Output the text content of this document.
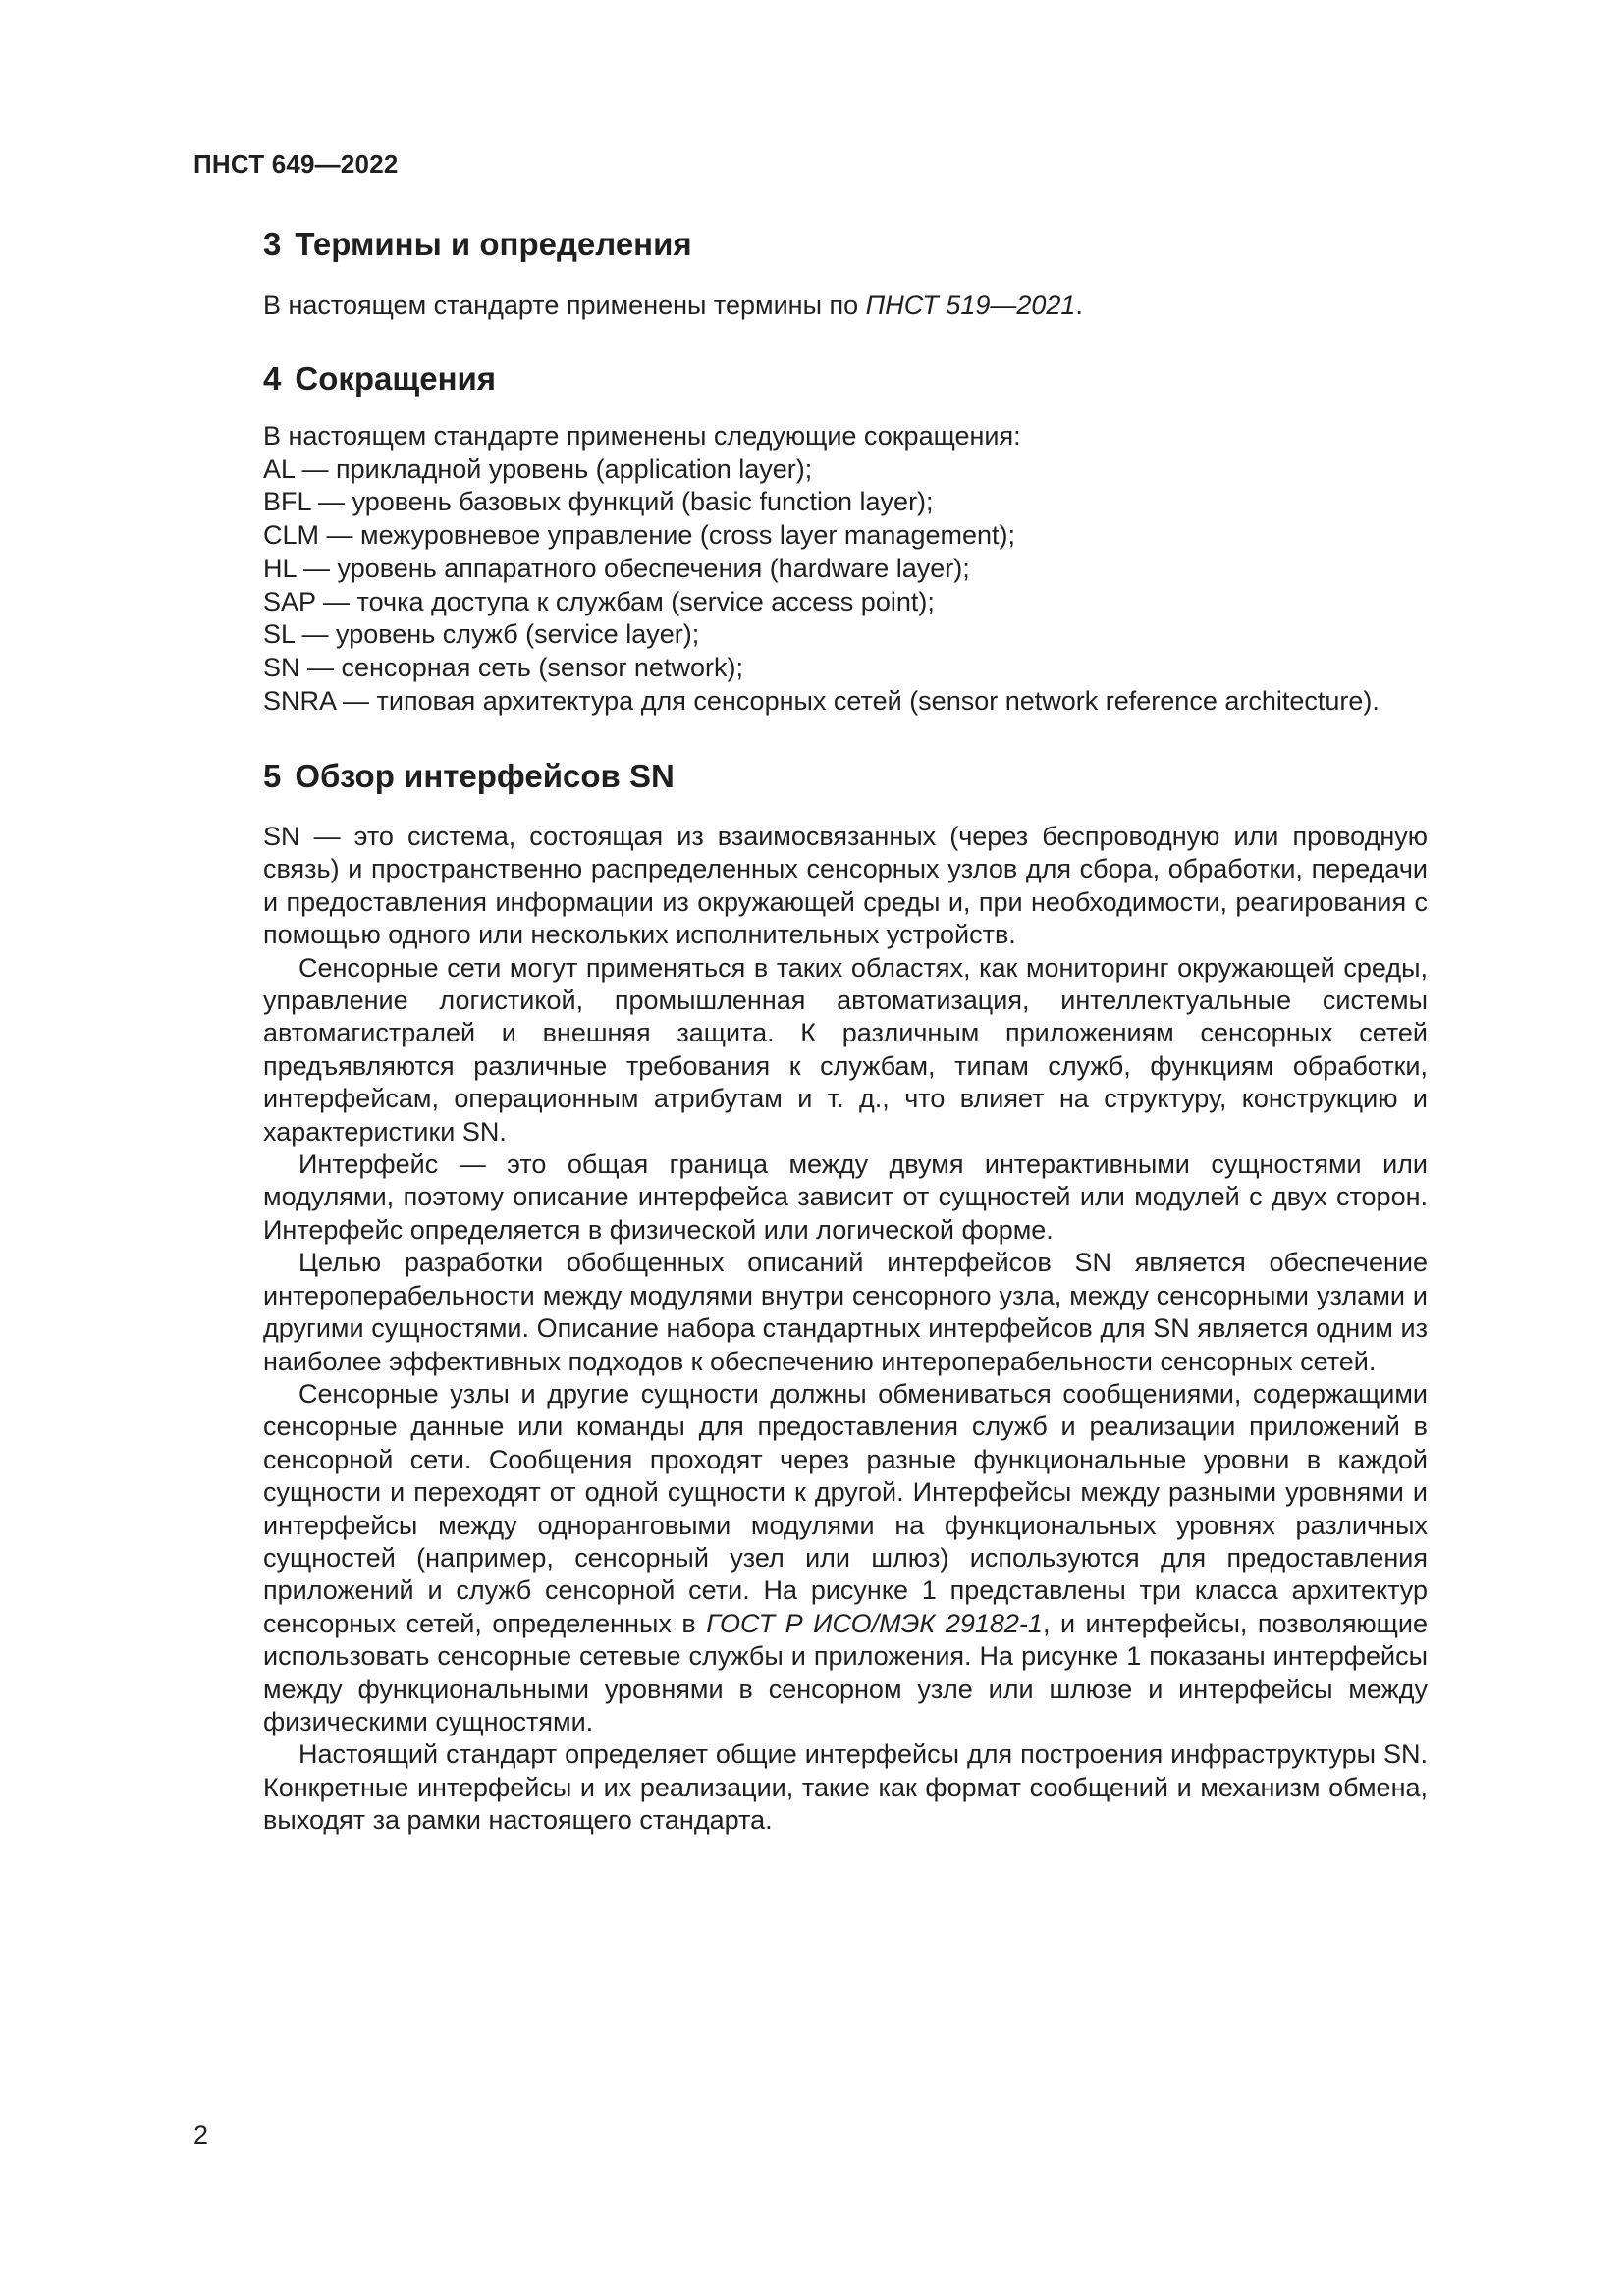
ПНСТ 649—2022
3 Термины и определения

В настоящем стандарте применены термины по ПНСТ 519—2021.

4 Сокращения
В настоящем стандарте применены следующие сокращения:
AL — прикладной уровень (application layer);
BFL — уровень базовых функций (basic function layer);
CLM — межуровневое управление (cross layer management);
HL — уровень аппаратного обеспечения (hardware layer);
SAP — точка доступа к службам (service access point);
SL — уровень служб (service layer);
SN — сенсорная сеть (sensor network);
SNRA — типовая архитектура для сенсорных сетей (sensor network reference architecture).
5 Обзор интерфейсов SN

SN — это система, состоящая из взаимосвязанных (через беспроводную или проводную связь) и пространственно распределенных сенсорных узлов для сбора, обработки, передачи и предоставления информации из окружающей среды и, при необходимости, реагирования с помощью одного или нескольких исполнительных устройств.

Сенсорные сети могут применяться в таких областях, как мониторинг окружающей среды, управление логистикой, промышленная автоматизация, интеллектуальные системы автомагистралей и внешняя защита. К различным приложениям сенсорных сетей предъявляются различные требования к службам, типам служб, функциям обработки, интерфейсам, операционным атрибутам и т. д., что влияет на структуру, конструкцию и характеристики SN.

Интерфейс — это общая граница между двумя интерактивными сущностями или модулями, поэтому описание интерфейса зависит от сущностей или модулей с двух сторон. Интерфейс определяется в физической или логической форме.

Целью разработки обобщенных описаний интерфейсов SN является обеспечение интероперабельности между модулями внутри сенсорного узла, между сенсорными узлами и другими сущностями. Описание набора стандартных интерфейсов для SN является одним из наиболее эффективных подходов к обеспечению интероперабельности сенсорных сетей.

Сенсорные узлы и другие сущности должны обмениваться сообщениями, содержащими сенсорные данные или команды для предоставления служб и реализации приложений в сенсорной сети. Сообщения проходят через разные функциональные уровни в каждой сущности и переходят от одной сущности к другой. Интерфейсы между разными уровнями и интерфейсы между одноранговыми модулями на функциональных уровнях различных сущностей (например, сенсорный узел или шлюз) используются для предоставления приложений и служб сенсорной сети. На рисунке 1 представлены три класса архитектур сенсорных сетей, определенных в ГОСТ Р ИСО/МЭК 29182-1, и интерфейсы, позволяющие использовать сенсорные сетевые службы и приложения. На рисунке 1 показаны интерфейсы между функциональными уровнями в сенсорном узле или шлюзе и интерфейсы между физическими сущностями.

Настоящий стандарт определяет общие интерфейсы для построения инфраструктуры SN. Конкретные интерфейсы и их реализации, такие как формат сообщений и механизм обмена, выходят за рамки настоящего стандарта.

2
